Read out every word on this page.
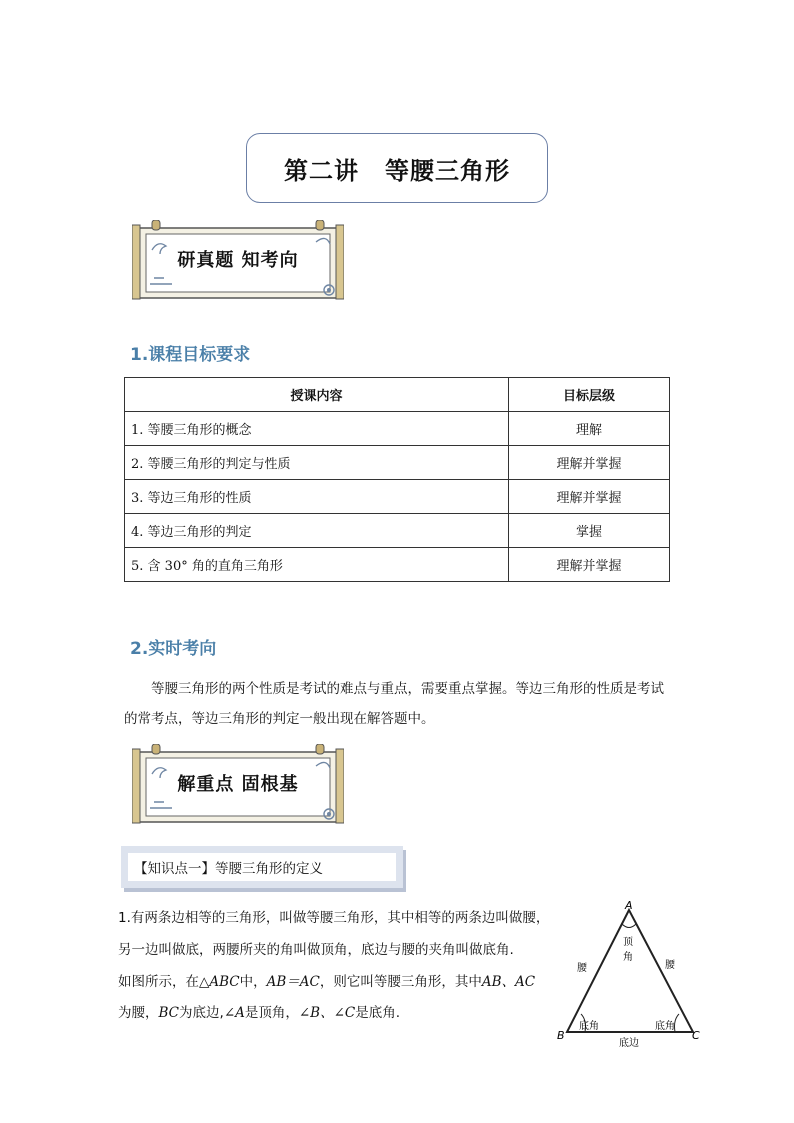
第二讲 等腰三角形
研真题 知考向
1.课程目标要求
授课内容	目标层级
1. 等腰三角形的概念	理解
2. 等腰三角形的判定与性质	理解并掌握
3. 等边三角形的性质	理解并掌握
4. 等边三角形的判定	掌握
5. 含 30° 角的直角三角形	理解并掌握
2.实时考向
等腰三角形的两个性质是考试的难点与重点，需要重点掌握。等边三角形的性质是考试的常考点，等边三角形的判定一般出现在解答题中。
解重点 固根基
【知识点一】等腰三角形的定义
1.有两条边相等的三角形，叫做等腰三角形，其中相等的两条边叫做腰，
另一边叫做底，两腰所夹的角叫做顶角，底边与腰的夹角叫做底角.
如图所示，在△ABC中，AB＝AC，则它叫等腰三角形，其中AB、AC
为腰，BC为底边,∠A是顶角，∠B、∠C是底角.
A
B	C
顶
角
腰	腰
底角	底角
底边
